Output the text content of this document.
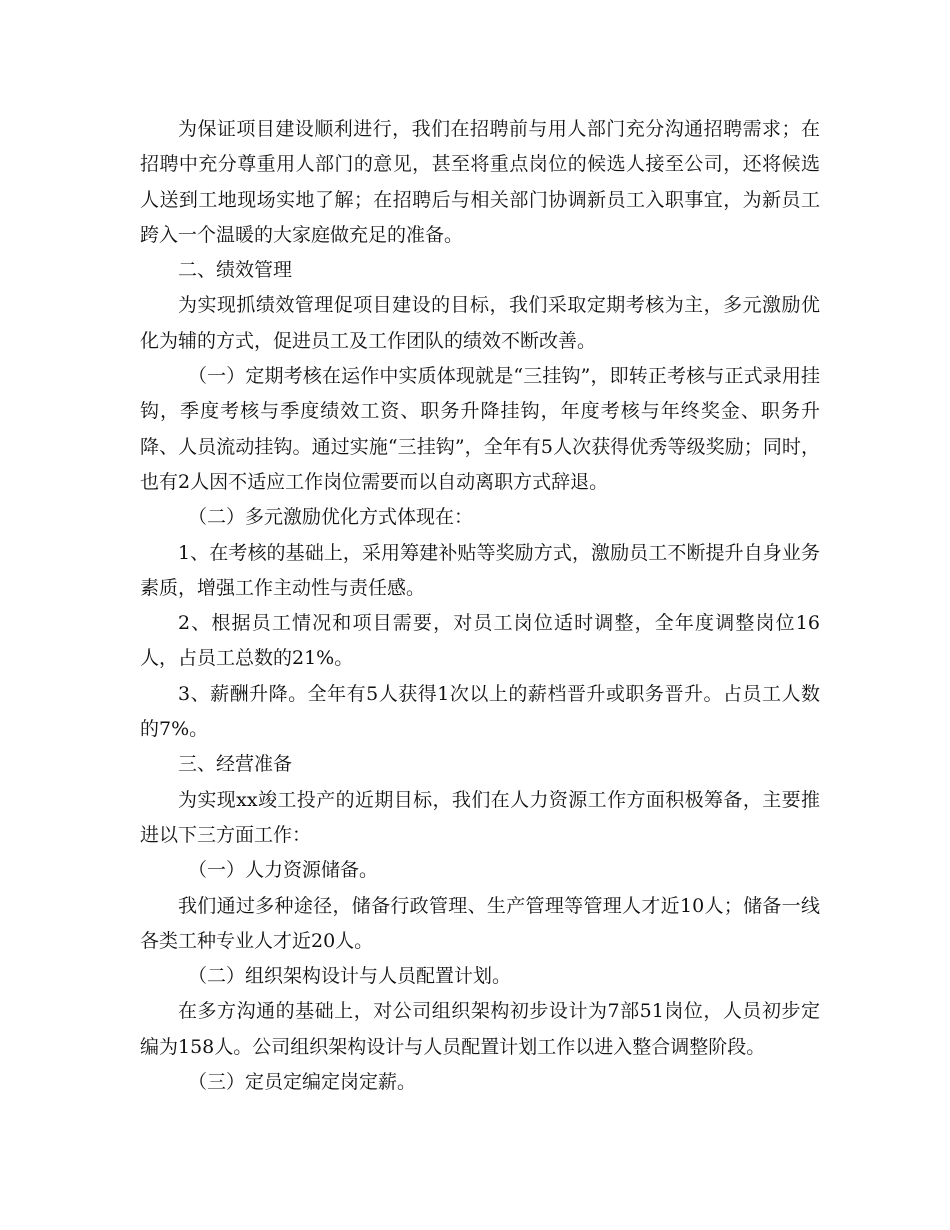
为保证项目建设顺利进行，我们在招聘前与用人部门充分沟通招聘需求；在招聘中充分尊重用人部门的意见，甚至将重点岗位的候选人接至公司，还将候选人送到工地现场实地了解；在招聘后与相关部门协调新员工入职事宜，为新员工跨入一个温暖的大家庭做充足的准备。

二、绩效管理

为实现抓绩效管理促项目建设的目标，我们采取定期考核为主，多元激励优化为辅的方式，促进员工及工作团队的绩效不断改善。

（一）定期考核在运作中实质体现就是“三挂钩”，即转正考核与正式录用挂钩，季度考核与季度绩效工资、职务升降挂钩，年度考核与年终奖金、职务升降、人员流动挂钩。通过实施“三挂钩”，全年有5人次获得优秀等级奖励；同时，也有2人因不适应工作岗位需要而以自动离职方式辞退。

（二）多元激励优化方式体现在：

1、在考核的基础上，采用筹建补贴等奖励方式，激励员工不断提升自身业务素质，增强工作主动性与责任感。

2、根据员工情况和项目需要，对员工岗位适时调整，全年度调整岗位16人，占员工总数的21%。

3、薪酬升降。全年有5人获得1次以上的薪档晋升或职务晋升。占员工人数的7%。

三、经营准备

为实现xx竣工投产的近期目标，我们在人力资源工作方面积极筹备，主要推进以下三方面工作：

（一）人力资源储备。

我们通过多种途径，储备行政管理、生产管理等管理人才近10人；储备一线各类工种专业人才近20人。

（二）组织架构设计与人员配置计划。

在多方沟通的基础上，对公司组织架构初步设计为7部51岗位，人员初步定编为158人。公司组织架构设计与人员配置计划工作以进入整合调整阶段。

（三）定员定编定岗定薪。
